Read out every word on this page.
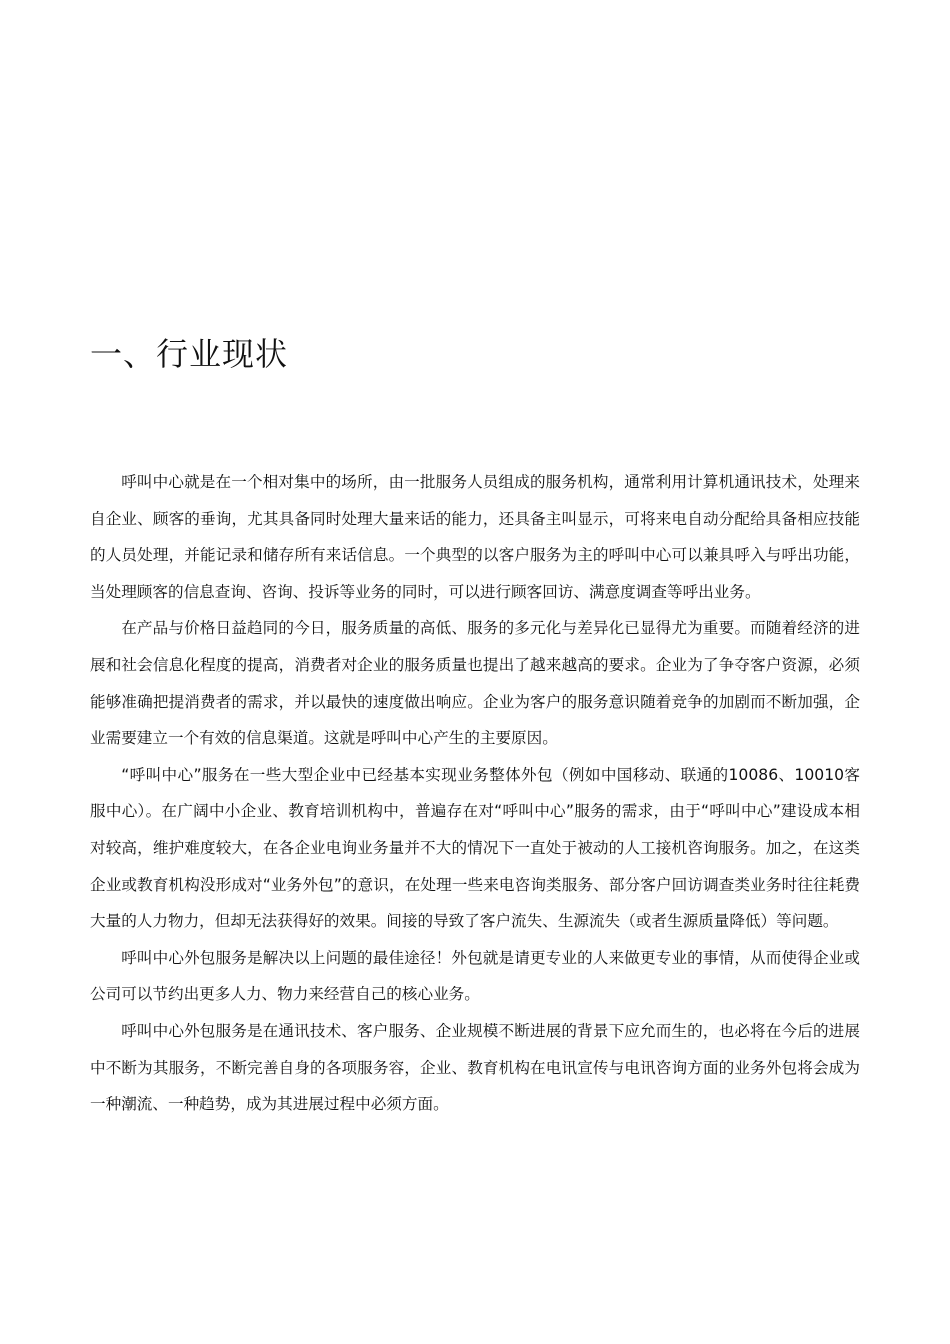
一、行业现状

呼叫中心就是在一个相对集中的场所，由一批服务人员组成的服务机构，通常利用计算机通讯技术，处理来自企业、顾客的垂询，尤其具备同时处理大量来话的能力，还具备主叫显示，可将来电自动分配给具备相应技能的人员处理，并能记录和储存所有来话信息。一个典型的以客户服务为主的呼叫中心可以兼具呼入与呼出功能，当处理顾客的信息查询、咨询、投诉等业务的同时，可以进行顾客回访、满意度调查等呼出业务。

在产品与价格日益趋同的今日，服务质量的高低、服务的多元化与差异化已显得尤为重要。而随着经济的进展和社会信息化程度的提高，消费者对企业的服务质量也提出了越来越高的要求。企业为了争夺客户资源，必须能够准确把提消费者的需求，并以最快的速度做出响应。企业为客户的服务意识随着竞争的加剧而不断加强，企业需要建立一个有效的信息渠道。这就是呼叫中心产生的主要原因。

“呼叫中心”服务在一些大型企业中已经基本实现业务整体外包（例如中国移动、联通的10086、10010客服中心）。在广阔中小企业、教育培训机构中，普遍存在对“呼叫中心”服务的需求，由于“呼叫中心”建设成本相对较高，维护难度较大，在各企业电询业务量并不大的情况下一直处于被动的人工接机咨询服务。加之，在这类企业或教育机构没形成对“业务外包”的意识，在处理一些来电咨询类服务、部分客户回访调查类业务时往往耗费大量的人力物力，但却无法获得好的效果。间接的导致了客户流失、生源流失（或者生源质量降低）等问题。

呼叫中心外包服务是解决以上问题的最佳途径！外包就是请更专业的人来做更专业的事情，从而使得企业或公司可以节约出更多人力、物力来经营自己的核心业务。

呼叫中心外包服务是在通讯技术、客户服务、企业规模不断进展的背景下应允而生的，也必将在今后的进展中不断为其服务，不断完善自身的各项服务容，企业、教育机构在电讯宣传与电讯咨询方面的业务外包将会成为一种潮流、一种趋势，成为其进展过程中必须方面。
